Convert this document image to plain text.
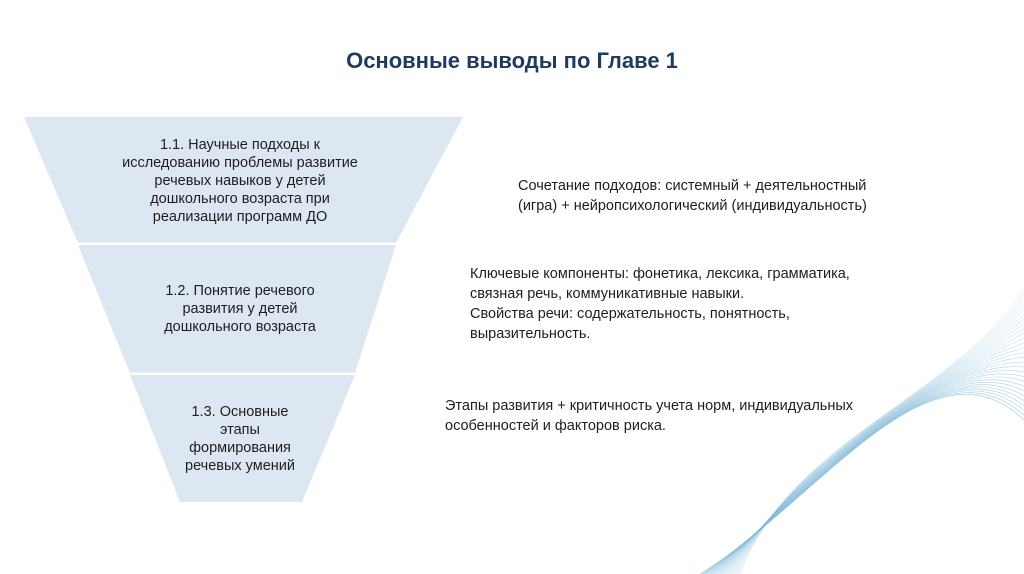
Основные выводы по Главе 1
1.1. Научные подходы к
исследованию проблемы развитие
речевых навыков у детей
дошкольного возраста при
реализации программ ДО
1.2. Понятие речевого
развития у детей
дошкольного возраста
1.3. Основные
этапы
формирования
речевых умений
Сочетание подходов: системный + деятельностный
(игра) + нейропсихологический (индивидуальность)
Ключевые компоненты: фонетика, лексика, грамматика,
связная речь, коммуникативные навыки.
Свойства речи: содержательность, понятность,
выразительность.
Этапы развития + критичность учета норм, индивидуальных
особенностей и факторов риска.
